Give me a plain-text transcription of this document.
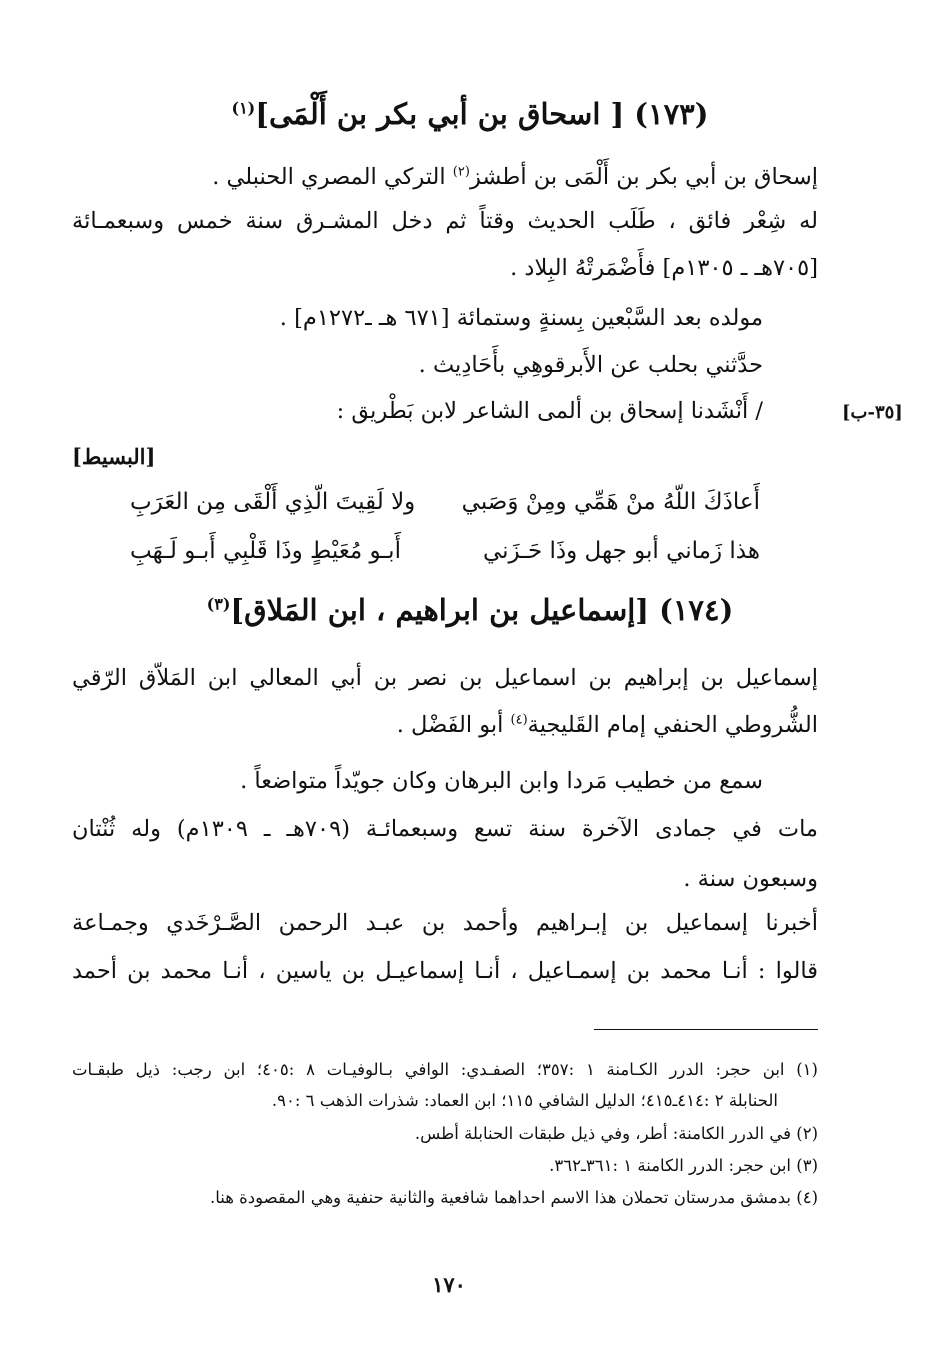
(١٧٣) [ اسحاق بن أبي بكر بن أَلْمَى]$^{(١)}$
إسحاق بن أبي بكر بن أَلْمَى بن أطشز$^{(٢)}$ التركي المصري الحنبلي .
له شِعْر فائق ، طَلَب الحديث وقتاً ثم دخل المشـرق سنة خمس وسبعمـائة
[٧٠٥هـ ـ ١٣٠٥م] فأَضْمَرتْهُ البِلاد .
مولده بعد السَّبْعين بِسنةٍ وستمائة [٦٧١ هـ ـ١٢٧٢م] .
حدَّثني بحلب عن الأَبرقوهِي بأَحَادِيث .
/ أَنْشَدنا إسحاق بن ألمى الشاعر لابن بَطْريق :	[٣٥-ب]
[البسيط]
أَعاذَكَ اللّهُ منْ هَمِّي ومِنْ وَصَبي
ولا لَقِيتَ الّذِي أَلْقَى مِن العَرَبِ
هذا زَماني أبو جهل وذَا حَـزَني
أَبـو مُعَيْطٍ وذَا قَلْبِي أَبـو لَـهَبِ
(١٧٤) [إسماعيل بن ابراهيم ، ابن المَلاق]$^{(٣)}$
إسماعيل بن إبراهيم بن اسماعيل بن نصر بن أبي المعالي ابن المَلاّق الرّقي
الشُّروطي الحنفي إمام القَليجية$^{(٤)}$ أبو الفَضْل .
سمع من خطيب مَردا وابن البرهان وكان جويّداً متواضعاً .
مات في جمادى الآخرة سنة تسع وسبعمائـة (٧٠٩هـ ـ ١٣٠٩م) وله ثُنْتان
وسبعون سنة .
أخبرنا إسماعيل بن إبـراهيم وأحمد بن عبـد الرحمن الصَّـرْخَدي وجمـاعة
قالوا : أنـا محمد بن إسمـاعيل ، أنـا إسماعيـل بن ياسين ، أنـا محمد بن أحمد
(١) ابن حجر: الدرر الكـامنة ١ :٣٥٧؛ الصفـدي: الوافي بـالوفيـات ٨ :٤٠٥؛ ابن رجب: ذيل طبقـات
الحنابلة ٢ :٤١٤ـ٤١٥؛ الدليل الشافي ١١٥؛ ابن العماد: شذرات الذهب ٦ :٩٠.
(٢) في الدرر الكامنة: أطر، وفي ذيل طبقات الحنابلة أطس.
(٣) ابن حجر: الدرر الكامنة ١ :٣٦١ـ٣٦٢.
(٤) بدمشق مدرستان تحملان هذا الاسم احداهما شافعية والثانية حنفية وهي المقصودة هنا.
١٧٠
